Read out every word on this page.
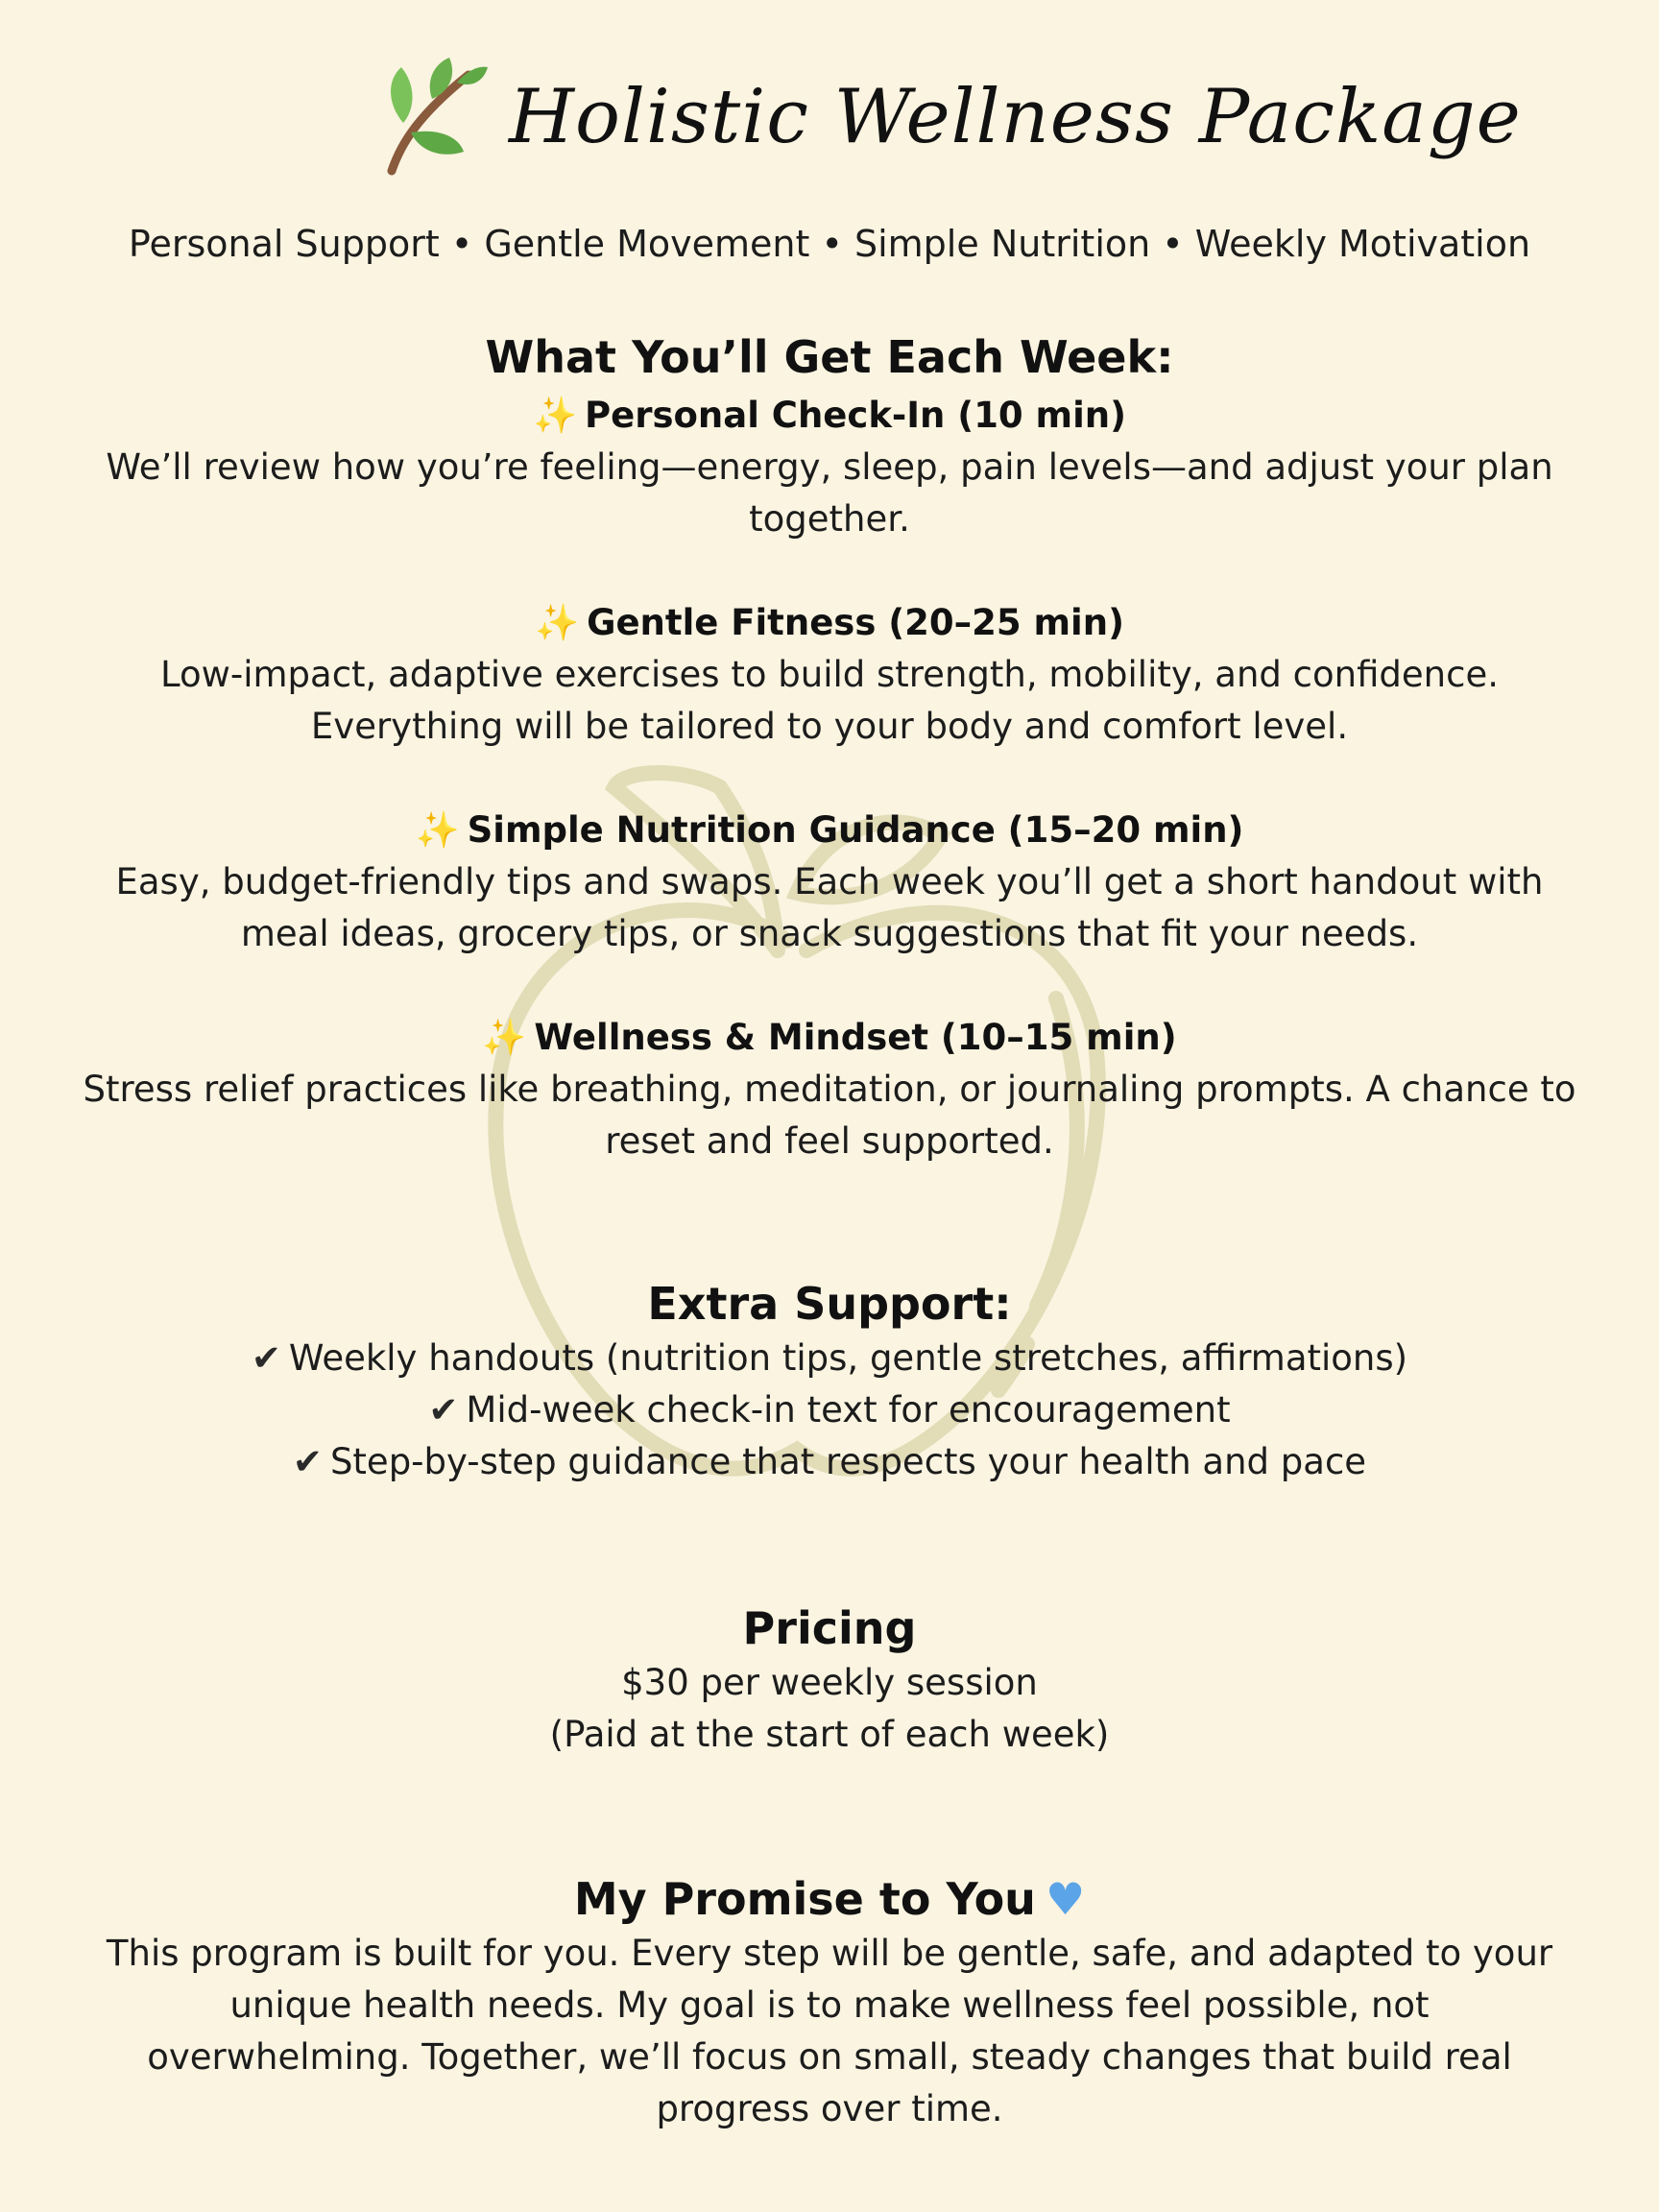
Holistic Wellness Package
Personal Support • Gentle Movement • Simple Nutrition • Weekly Motivation
What You’ll Get Each Week:
✨ Personal Check-In (10 min)

We’ll review how you’re feeling—energy, sleep, pain levels—and adjust your plan together.

✨ Gentle Fitness (20–25 min)

Low-impact, adaptive exercises to build strength, mobility, and confidence. Everything will be tailored to your body and comfort level.

✨ Simple Nutrition Guidance (15–20 min)

Easy, budget-friendly tips and swaps. Each week you’ll get a short handout with meal ideas, grocery tips, or snack suggestions that fit your needs.

✨ Wellness & Mindset (10–15 min)

Stress relief practices like breathing, meditation, or journaling prompts. A chance to reset and feel supported.

Extra Support:
✔ Weekly handouts (nutrition tips, gentle stretches, affirmations)
✔ Mid-week check-in text for encouragement
✔ Step-by-step guidance that respects your health and pace
Pricing

$30 per weekly session

(Paid at the start of each week)

My Promise to You ♥

This program is built for you. Every step will be gentle, safe, and adapted to your unique health needs. My goal is to make wellness feel possible, not overwhelming. Together, we’ll focus on small, steady changes that build real progress over time.
